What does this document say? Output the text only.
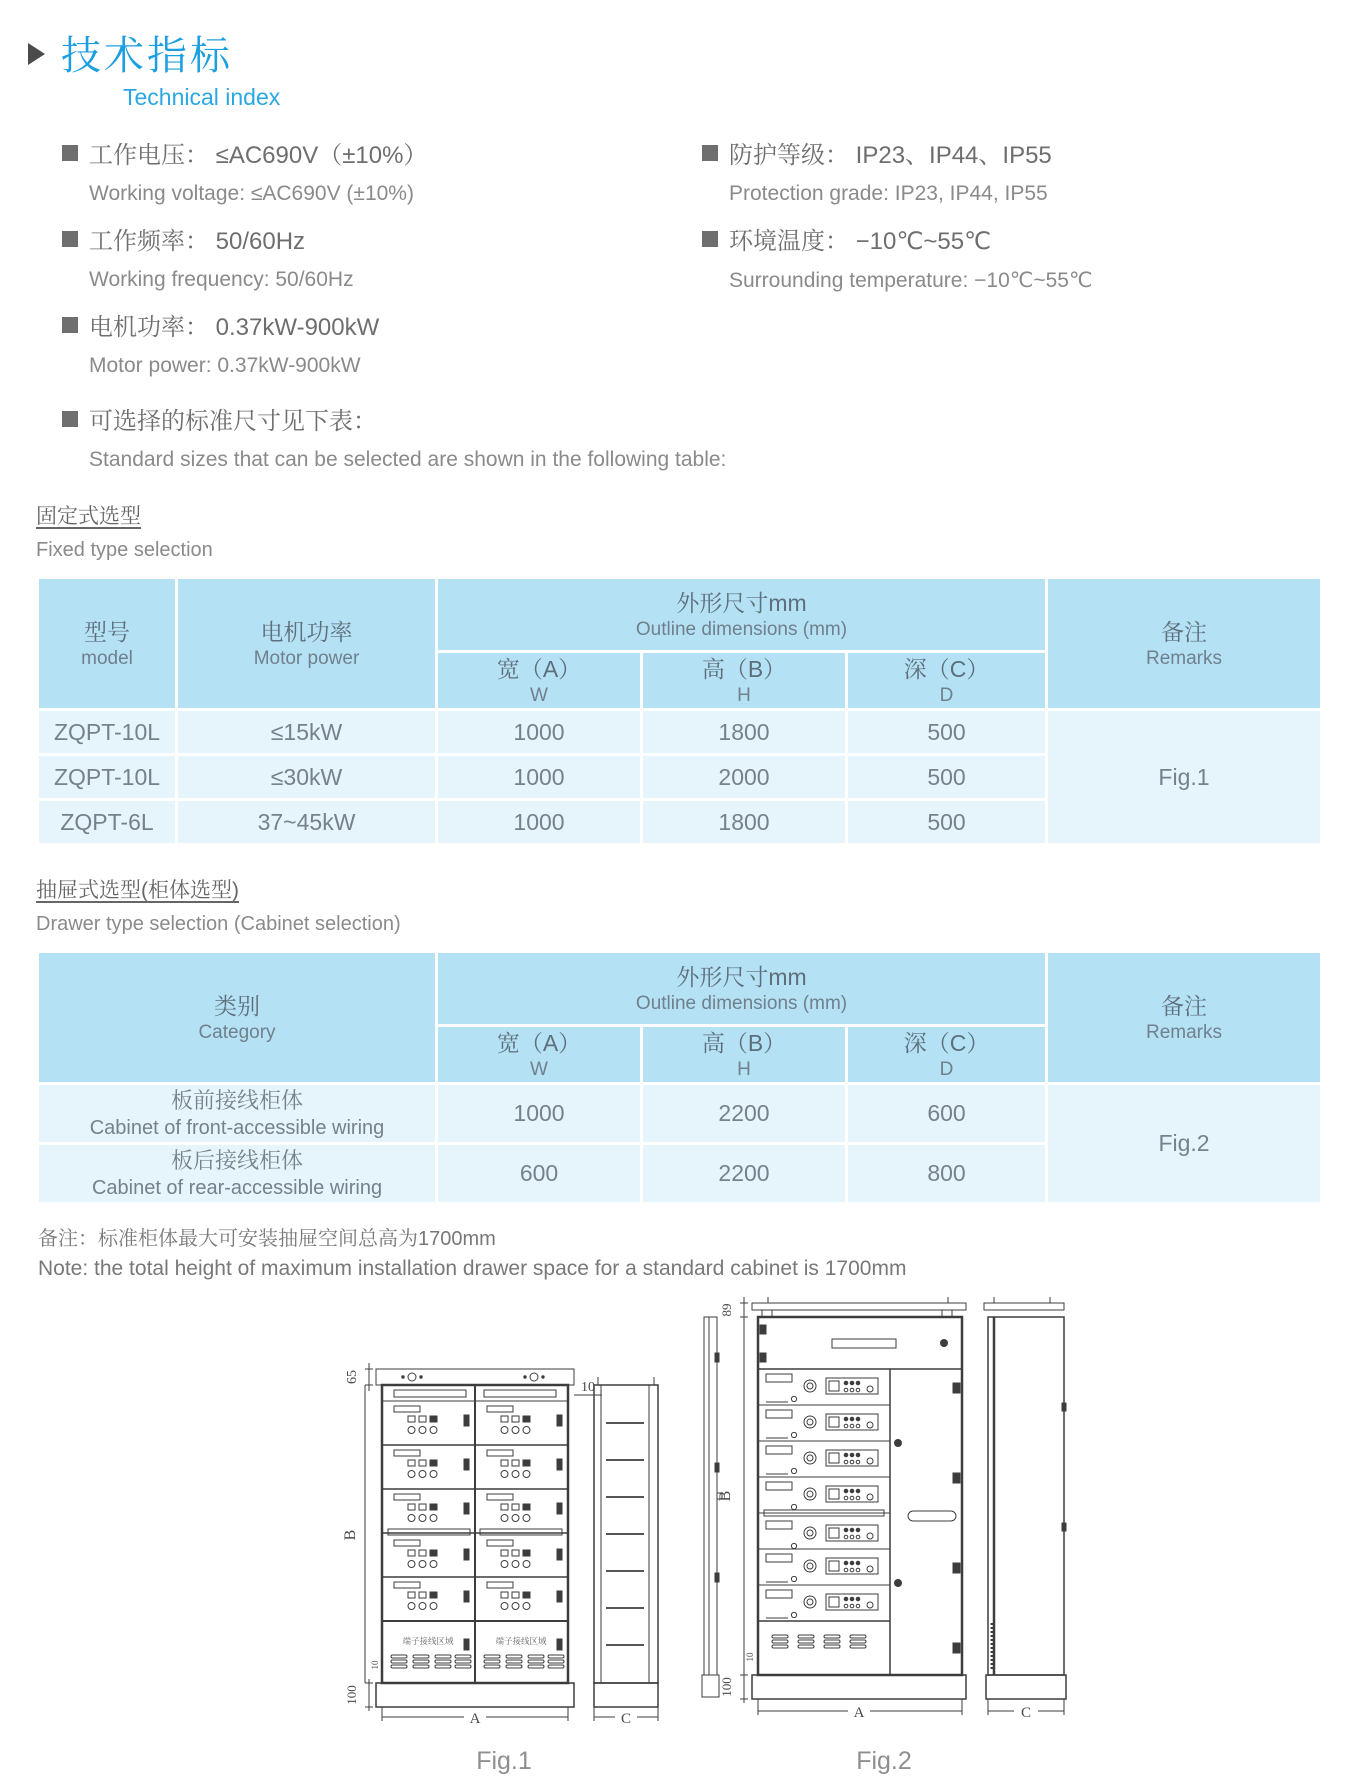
技术指标
Technical index
工作电压： ≤AC690V（±10%）
Working voltage: ≤AC690V (±10%)
工作频率： 50/60Hz
Working frequency: 50/60Hz
电机功率： 0.37kW-900kW
Motor power: 0.37kW-900kW
防护等级： IP23、IP44、IP55
Protection grade: IP23, IP44, IP55
环境温度： −10℃~55℃
Surrounding temperature: −10℃~55℃
可选择的标准尺寸见下表：
Standard sizes that can be selected are shown in the following table:
固定式选型
Fixed type selection
型号
model

电机功率
Motor power

外形尺寸mm
Outline dimensions (mm)	备注
Remarks

宽（A）
W

高（B）
H

深（C）
D

ZQPT-10L	≤15kW	1000	1800	500	Fig.1
ZQPT-10L	≤30kW	1000	2000	500	
ZQPT-6L	37~45kW	1000	1800	500	
抽屉式选型(柜体选型)
Drawer type selection (Cabinet selection)
类别
Category

外形尺寸mm
Outline dimensions (mm)	备注
Remarks

宽（A）
W

高（B）
H

深（C）
D

板前接线柜体
Cabinet of front-accessible wiring	1000	2200	600	Fig.2

板后接线柜体
Cabinet of rear-accessible wiring	600	2200	800	
备注：标准柜体最大可安装抽屉空间总高为1700mm
Note: the total height of maximum installation drawer space for a standard cabinet is 1700mm
端子接线区域	端子接线区域
65
B
10
100
10
A	C
Fig.1
89
B
10
100
A	C
Fig.2
